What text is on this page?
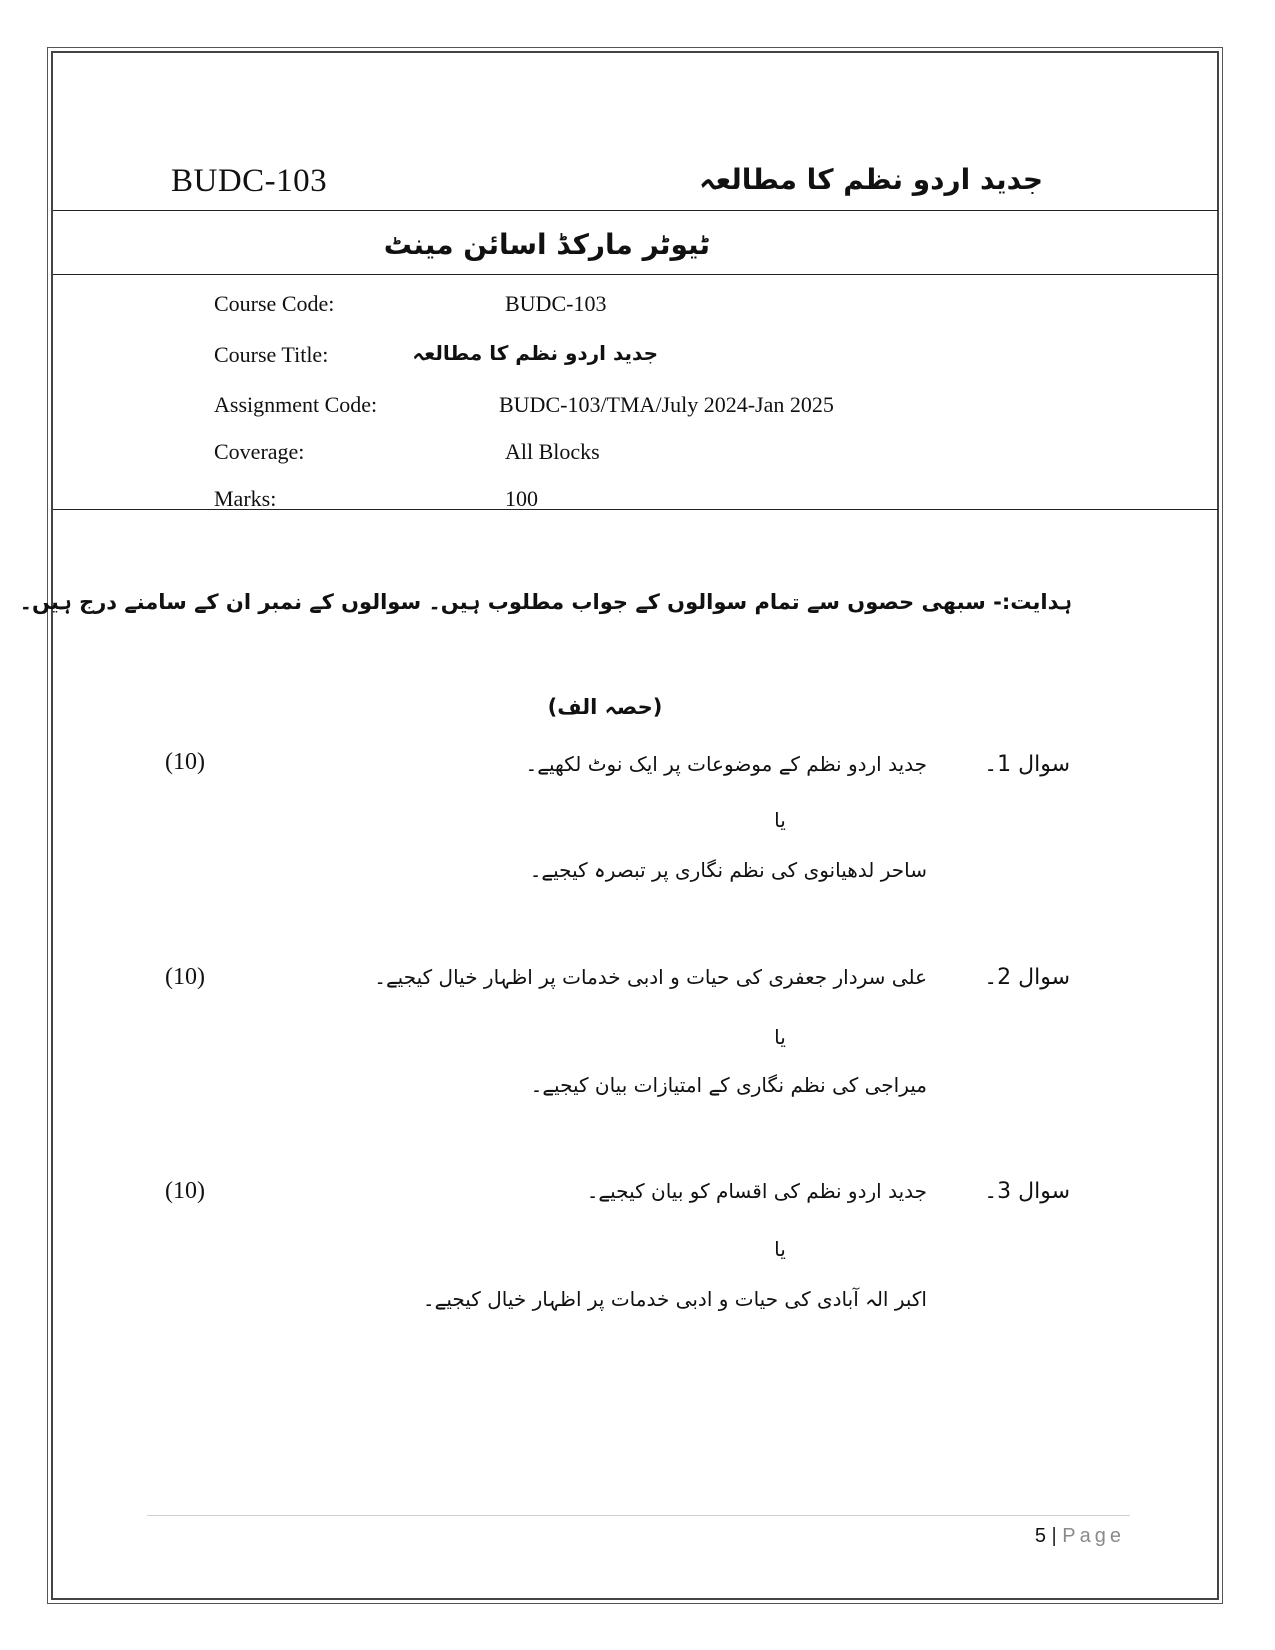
BUDC-103	جدید اردو نظم کا مطالعہ
ٹیوٹر مارکڈ اسائن مینٹ
Course Code:	BUDC-103
Course Title:	جدید اردو نظم کا مطالعہ
Assignment Code:	BUDC-103/TMA/July 2024-Jan 2025
Coverage:	All Blocks
Marks:	100
ہدایت:- سبھی حصوں سے تمام سوالوں کے جواب مطلوب ہیں۔ سوالوں کے نمبر ان کے سامنے درج ہیں۔
(حصہ الف)
(10)	جدید اردو نظم کے موضوعات پر ایک نوٹ لکھیے۔	سوال 1۔
یا
ساحر لدھیانوی کی نظم نگاری پر تبصرہ کیجیے۔
(10)	علی سردار جعفری کی حیات و ادبی خدمات پر اظہار خیال کیجیے۔	سوال 2۔
یا
میراجی کی نظم نگاری کے امتیازات بیان کیجیے۔
(10)	جدید اردو نظم کی اقسام کو بیان کیجیے۔	سوال 3۔
یا
اکبر الہ آبادی کی حیات و ادبی خدمات پر اظہار خیال کیجیے۔
5 | Page
